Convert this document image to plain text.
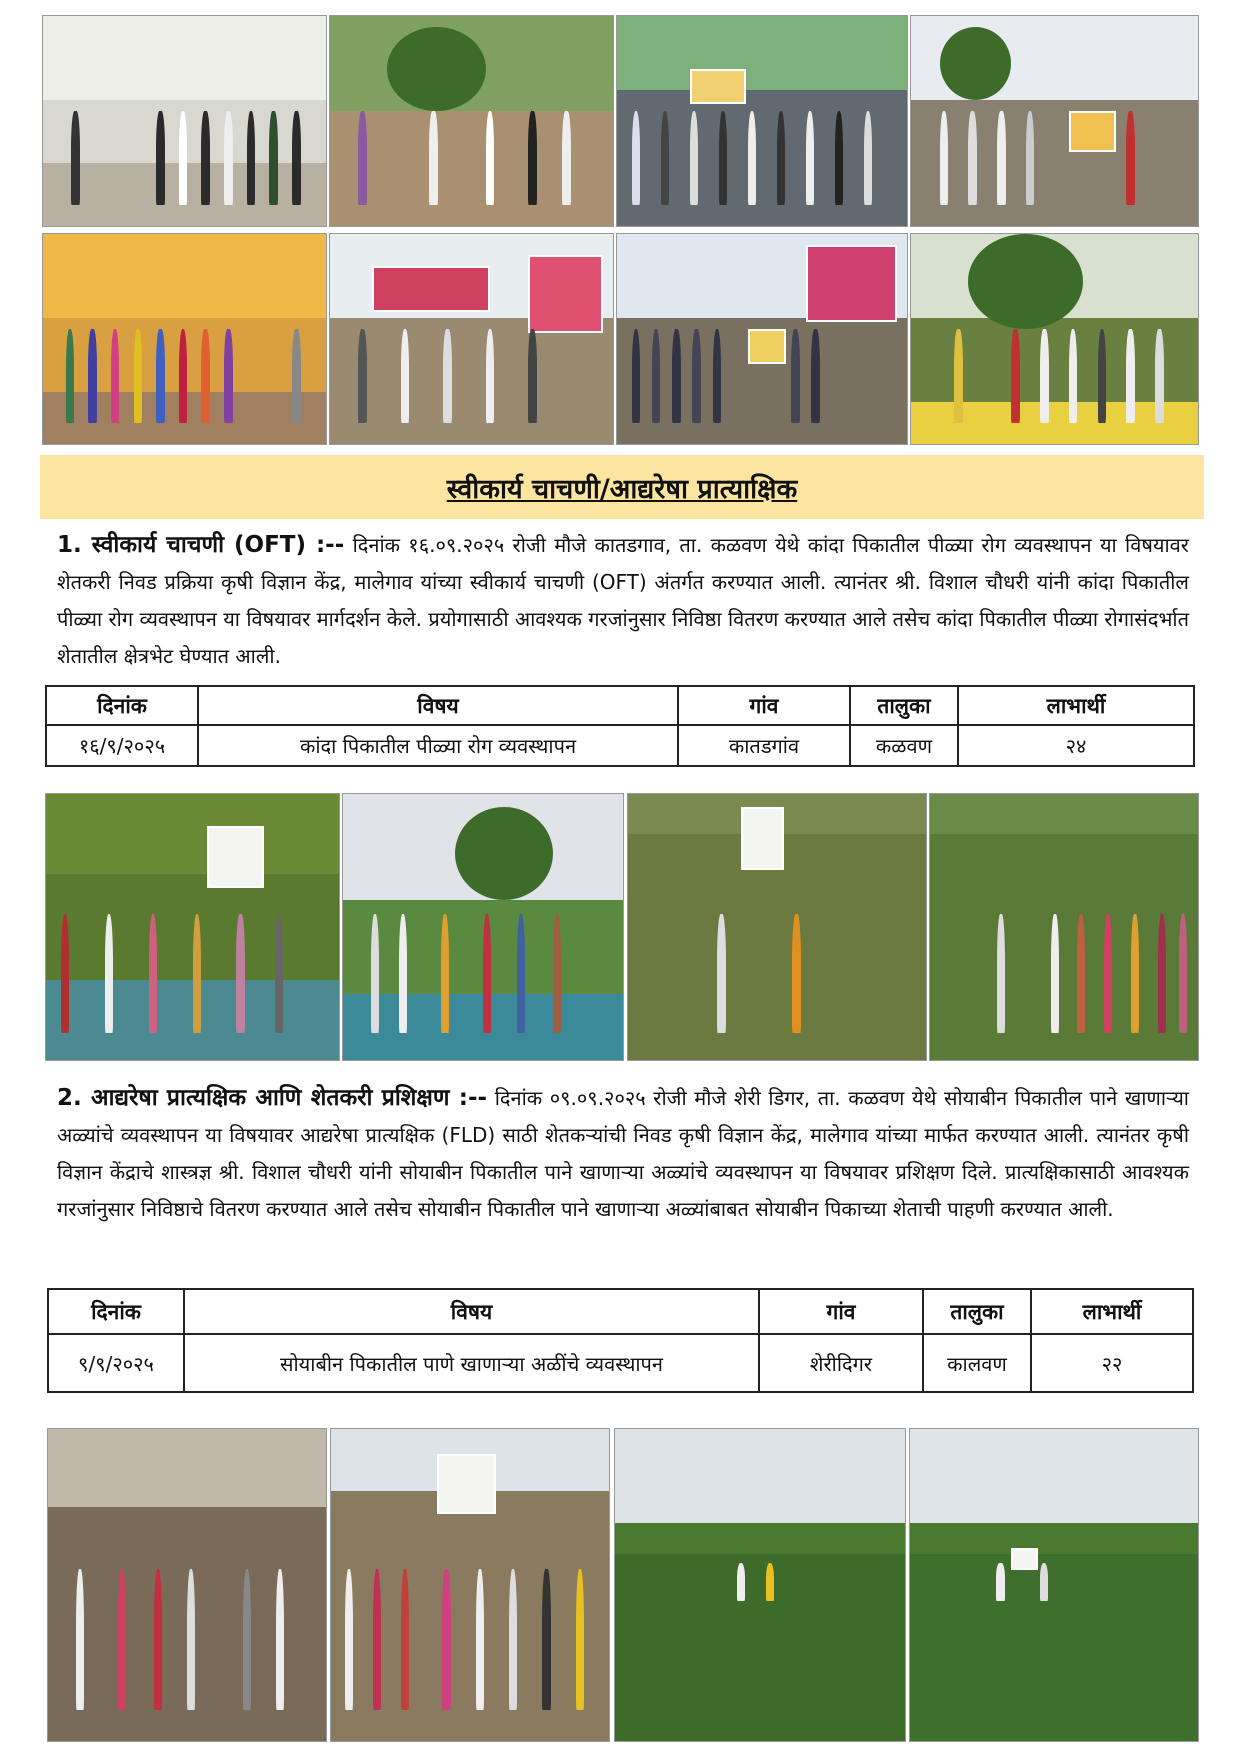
स्वीकार्य चाचणी/आद्यरेषा प्रात्याक्षिक
1. स्वीकार्य चाचणी (OFT) :-- दिनांक १६.०९.२०२५ रोजी मौजे कातडगाव, ता. कळवण येथे कांदा पिकातील पीळ्या रोग व्यवस्थापन या विषयावर शेतकरी निवड प्रक्रिया कृषी विज्ञान केंद्र, मालेगाव यांच्या स्वीकार्य चाचणी (OFT) अंतर्गत करण्यात आली. त्यानंतर श्री. विशाल चौधरी यांनी कांदा पिकातील पीळ्या रोग व्यवस्थापन या विषयावर मार्गदर्शन केले. प्रयोगासाठी आवश्यक गरजांनुसार निविष्ठा वितरण करण्यात आले तसेच कांदा पिकातील पीळ्या रोगासंदर्भात शेतातील क्षेत्रभेट घेण्यात आली.
दिनांक	विषय	गांव	तालुका	लाभार्थी
१६/९/२०२५	कांदा पिकातील पीळ्या रोग व्यवस्थापन	कातडगांव	कळवण	२४
2. आद्यरेषा प्रात्यक्षिक आणि शेतकरी प्रशिक्षण :-- दिनांक ०९.०९.२०२५ रोजी मौजे शेरी डिगर, ता. कळवण येथे सोयाबीन पिकातील पाने खाणाऱ्या अळ्यांचे व्यवस्थापन या विषयावर आद्यरेषा प्रात्यक्षिक (FLD) साठी शेतकऱ्यांची निवड कृषी विज्ञान केंद्र, मालेगाव यांच्या मार्फत करण्यात आली. त्यानंतर कृषी विज्ञान केंद्राचे शास्त्रज्ञ श्री. विशाल चौधरी यांनी सोयाबीन पिकातील पाने खाणाऱ्या अळ्यांचे व्यवस्थापन या विषयावर प्रशिक्षण दिले. प्रात्यक्षिकासाठी आवश्यक गरजांनुसार निविष्ठाचे वितरण करण्यात आले तसेच सोयाबीन पिकातील पाने खाणाऱ्या अळ्यांबाबत सोयाबीन पिकाच्या शेताची पाहणी करण्यात आली.
दिनांक	विषय	गांव	तालुका	लाभार्थी
९/९/२०२५	सोयाबीन पिकातील पाणे खाणाऱ्या अळींचे व्यवस्थापन	शेरीदिगर	कालवण	२२
